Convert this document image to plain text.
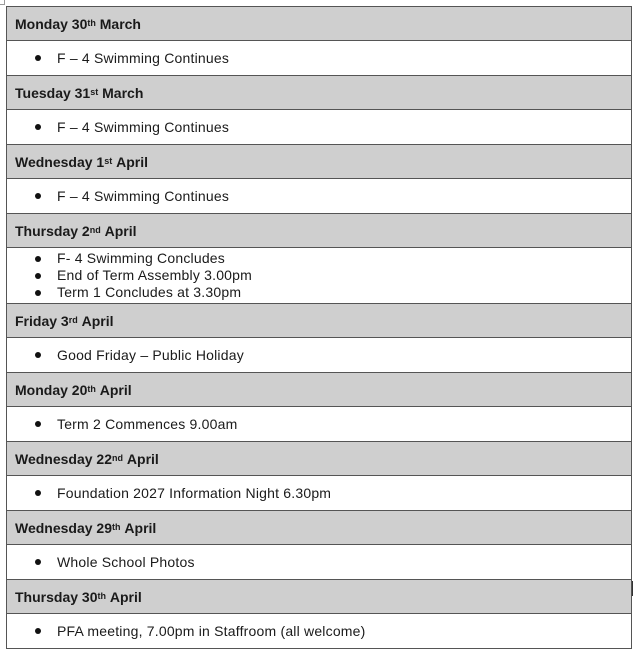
Monday 30th
March
F – 4 Swimming Continues
Tuesday 31st
March
F – 4 Swimming Continues
Wednesday 1st
April
F – 4 Swimming Continues
Thursday 2nd
April
F- 4 Swimming Concludes
End of Term Assembly 3.00pm
Term 1 Concludes at 3.30pm
Friday 3rd
April
Good Friday – Public Holiday
Monday 20th
April
Term 2 Commences 9.00am
Wednesday 22nd
April
Foundation 2027 Information Night 6.30pm
Wednesday 29th
April
Whole School Photos
Thursday 30th
April
PFA meeting, 7.00pm in Staffroom (all welcome)
